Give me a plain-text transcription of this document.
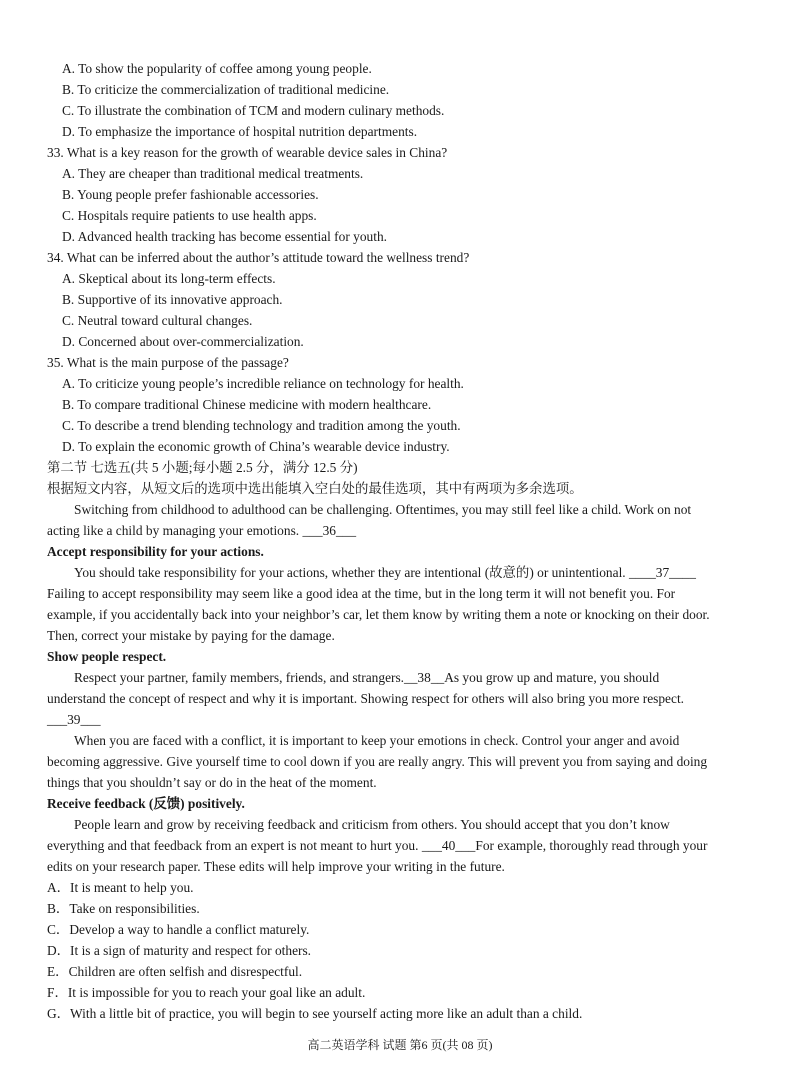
A. To show the popularity of coffee among young people.
B. To criticize the commercialization of traditional medicine.
C. To illustrate the combination of TCM and modern culinary methods.
D. To emphasize the importance of hospital nutrition departments.
33. What is a key reason for the growth of wearable device sales in China?
A. They are cheaper than traditional medical treatments.
B. Young people prefer fashionable accessories.
C. Hospitals require patients to use health apps.
D. Advanced health tracking has become essential for youth.
34. What can be inferred about the author’s attitude toward the wellness trend?
A. Skeptical about its long-term effects.
B. Supportive of its innovative approach.
C. Neutral toward cultural changes.
D. Concerned about over-commercialization.
35. What is the main purpose of the passage?
A. To criticize young people’s incredible reliance on technology for health.
B. To compare traditional Chinese medicine with modern healthcare.
C. To describe a trend blending technology and tradition among the youth.
D. To explain the economic growth of China’s wearable device industry.
第二节 七选五(共 5 小题;每小题 2.5 分，满分 12.5 分)
根据短文内容，从短文后的选项中选出能填入空白处的最佳选项，其中有两项为多余选项。
Switching from childhood to adulthood can be challenging. Oftentimes, you may still feel like a child. Work on not
acting like a child by managing your emotions. ___36___
Accept responsibility for your actions.
You should take responsibility for your actions, whether they are intentional (故意的) or unintentional. ____37____
Failing to accept responsibility may seem like a good idea at the time, but in the long term it will not benefit you. For
example, if you accidentally back into your neighbor’s car, let them know by writing them a note or knocking on their door.
Then, correct your mistake by paying for the damage.
Show people respect.
Respect your partner, family members, friends, and strangers.__38__As you grow up and mature, you should
understand the concept of respect and why it is important. Showing respect for others will also bring you more respect.
___39___
When you are faced with a conflict, it is important to keep your emotions in check. Control your anger and avoid
becoming aggressive. Give yourself time to cool down if you are really angry. This will prevent you from saying and doing
things that you shouldn’t say or do in the heat of the moment.
Receive feedback (反馈) positively.
People learn and grow by receiving feedback and criticism from others. You should accept that you don’t know
everything and that feedback from an expert is not meant to hurt you. ___40___For example, thoroughly read through your
edits on your research paper. These edits will help improve your writing in the future.
A．It is meant to help you.
B．Take on responsibilities.
C．Develop a way to handle a conflict maturely.
D．It is a sign of maturity and respect for others.
E．Children are often selfish and disrespectful.
F．It is impossible for you to reach your goal like an adult.
G．With a little bit of practice, you will begin to see yourself acting more like an adult than a child.
高二英语学科 试题 第6 页(共 08 页)
